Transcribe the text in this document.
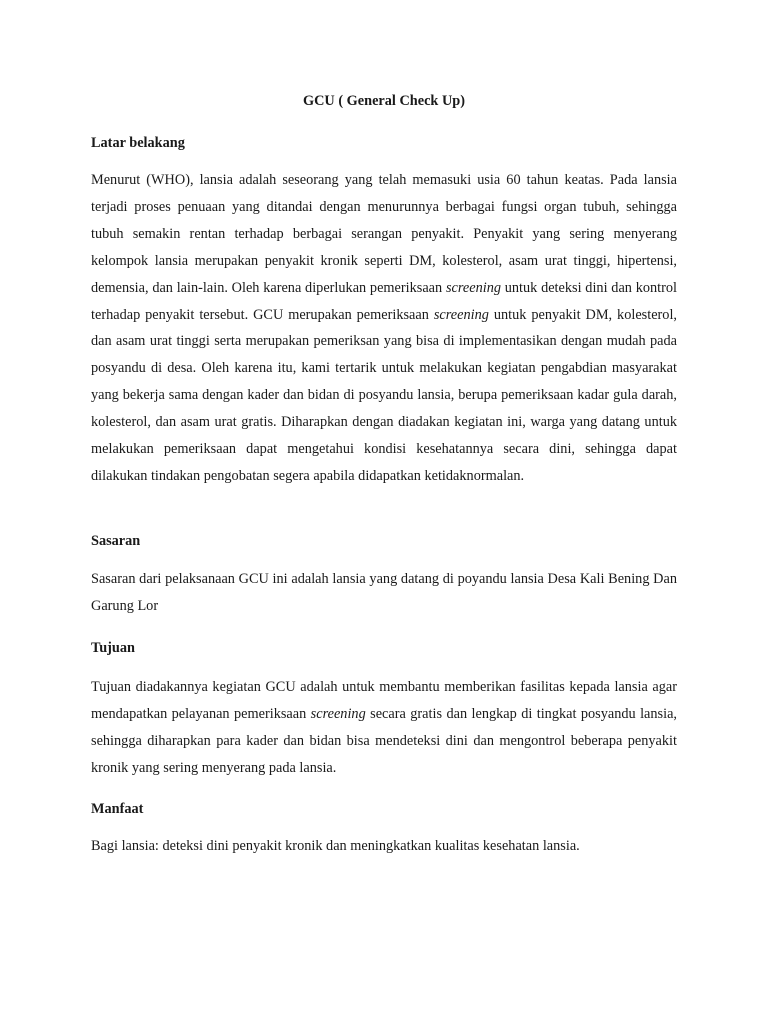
GCU ( General Check Up)
Latar belakang

Menurut (WHO), lansia adalah seseorang yang telah memasuki usia 60 tahun keatas. Pada lansia terjadi proses penuaan yang ditandai dengan menurunnya berbagai fungsi organ tubuh, sehingga tubuh semakin rentan terhadap berbagai serangan penyakit. Penyakit yang sering menyerang kelompok lansia merupakan penyakit kronik seperti DM, kolesterol, asam urat tinggi, hipertensi, demensia, dan lain-lain. Oleh karena diperlukan pemeriksaan screening untuk deteksi dini dan kontrol terhadap penyakit tersebut. GCU merupakan pemeriksaan screening untuk penyakit DM, kolesterol, dan asam urat tinggi serta merupakan pemeriksan yang bisa di implementasikan dengan mudah pada posyandu di desa. Oleh karena itu, kami tertarik untuk melakukan kegiatan pengabdian masyarakat yang bekerja sama dengan kader dan bidan di posyandu lansia, berupa pemeriksaan kadar gula darah, kolesterol, dan asam urat gratis. Diharapkan dengan diadakan kegiatan ini, warga yang datang untuk melakukan pemeriksaan dapat mengetahui kondisi kesehatannya secara dini, sehingga dapat dilakukan tindakan pengobatan segera apabila didapatkan ketidaknormalan.

Sasaran

Sasaran dari pelaksanaan GCU ini adalah lansia yang datang di poyandu lansia Desa Kali Bening Dan Garung Lor

Tujuan

Tujuan diadakannya kegiatan GCU adalah untuk membantu memberikan fasilitas kepada lansia agar mendapatkan pelayanan pemeriksaan screening secara gratis dan lengkap di tingkat posyandu lansia, sehingga diharapkan para kader dan bidan bisa mendeteksi dini dan mengontrol beberapa penyakit kronik yang sering menyerang pada lansia.

Manfaat

Bagi lansia: deteksi dini penyakit kronik dan meningkatkan kualitas kesehatan lansia.
